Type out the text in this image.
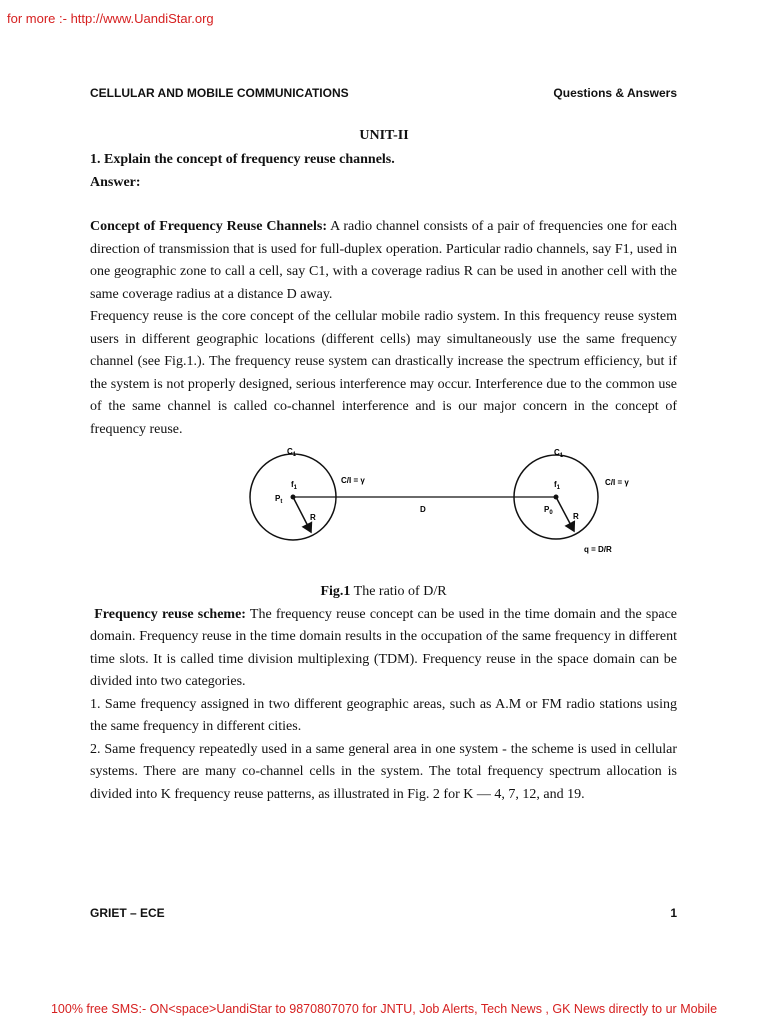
for more :- http://www.UandiStar.org
CELLULAR AND MOBILE COMMUNICATIONS	Questions & Answers
UNIT-II

1. Explain the concept of frequency reuse channels.

Answer:

Concept of Frequency Reuse Channels: A radio channel consists of a pair of frequencies one for each direction of transmission that is used for full-duplex operation. Particular radio channels, say F1, used in one geographic zone to call a cell, say C1, with a coverage radius R can be used in another cell with the same coverage radius at a distance D away.

Frequency reuse is the core concept of the cellular mobile radio system. In this frequency reuse system users in different geographic locations (different cells) may simultaneously use the same frequency channel (see Fig.1.). The frequency reuse system can drastically increase the spectrum efficiency, but if the system is not properly designed, serious interference may occur. Interference due to the common use of the same channel is called co-channel interference and is our major concern in the concept of frequency reuse.

$C_1$
$f_1$
$P_t$
R
C/I = γ
D
$C_1$
$f_1$
$P_0$	R
C/I = γ
q = D/R

Fig.1 The ratio of D/R

Frequency reuse scheme: The frequency reuse concept can be used in the time domain and the space domain. Frequency reuse in the time domain results in the occupation of the same frequency in different time slots. It is called time division multiplexing (TDM). Frequency reuse in the space domain can be divided into two categories.

1. Same frequency assigned in two different geographic areas, such as A.M or FM radio stations using the same frequency in different cities.

2. Same frequency repeatedly used in a same general area in one system - the scheme is used in cellular systems. There are many co-channel cells in the system. The total frequency spectrum allocation is divided into K frequency reuse patterns, as illustrated in Fig. 2 for K — 4, 7, 12, and 19.

GRIET – ECE	1
100% free SMS:- ON<space>UandiStar to 9870807070 for JNTU, Job Alerts, Tech News , GK News directly to ur Mobile
